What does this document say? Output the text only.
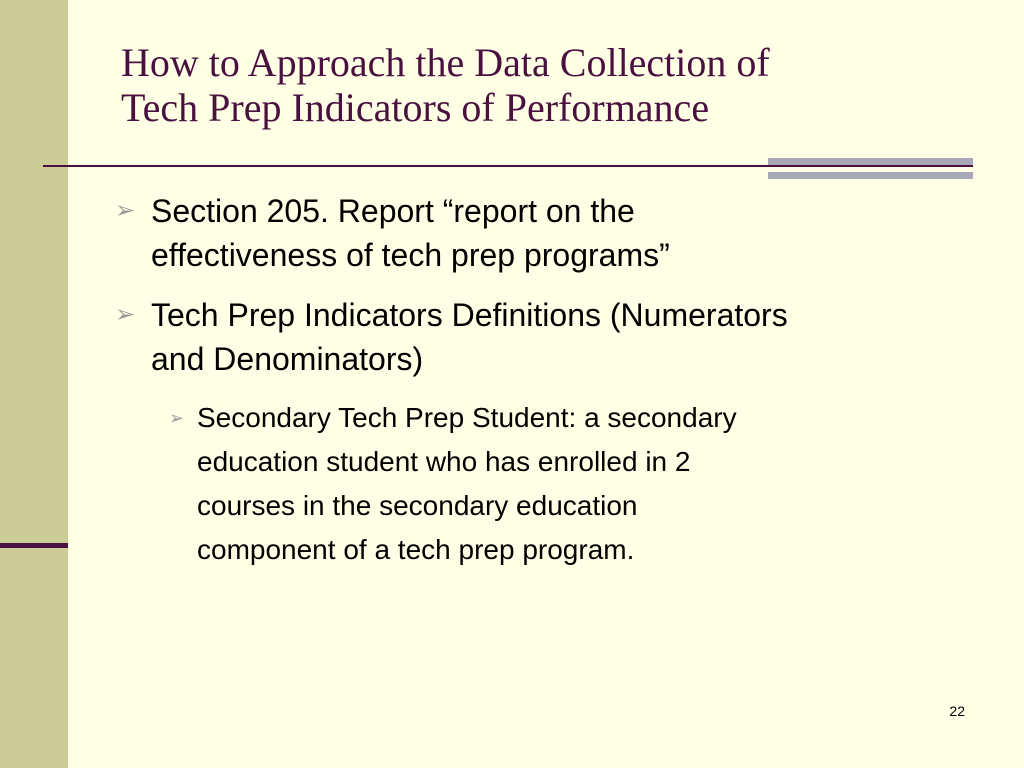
How to Approach the Data Collection of
Tech Prep Indicators of Performance
➢ Section 205. Report “report on the
effectiveness of tech prep programs”
➢ Tech Prep Indicators Definitions (Numerators
and Denominators)
➢ Secondary Tech Prep Student: a secondary
education student who has enrolled in 2
courses in the secondary education
component of a tech prep program.
22
